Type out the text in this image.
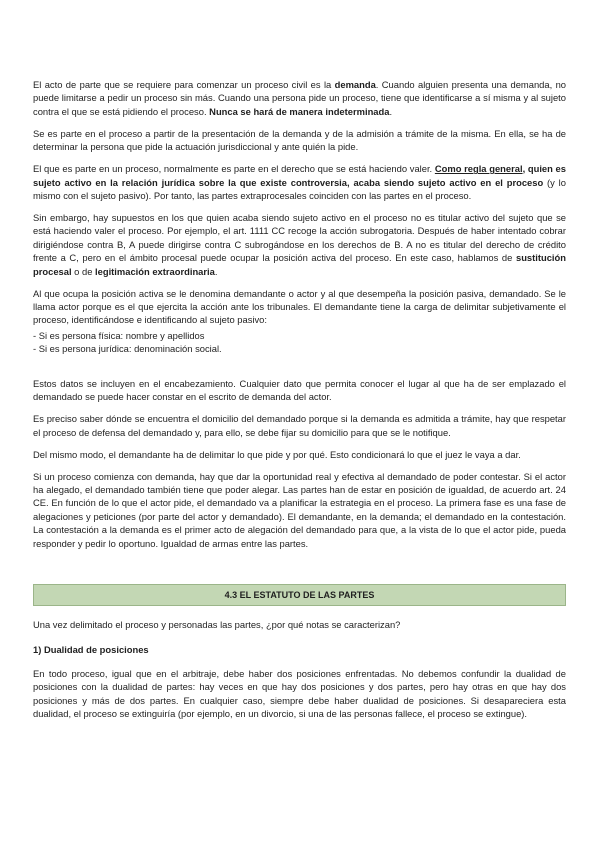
El acto de parte que se requiere para comenzar un proceso civil es la demanda. Cuando alguien presenta una demanda, no puede limitarse a pedir un proceso sin más. Cuando una persona pide un proceso, tiene que identificarse a sí misma y al sujeto contra el que se está pidiendo el proceso. Nunca se hará de manera indeterminada.

Se es parte en el proceso a partir de la presentación de la demanda y de la admisión a trámite de la misma. En ella, se ha de determinar la persona que pide la actuación jurisdiccional y ante quién la pide.

El que es parte en un proceso, normalmente es parte en el derecho que se está haciendo valer. Como regla general, quien es sujeto activo en la relación jurídica sobre la que existe controversia, acaba siendo sujeto activo en el proceso (y lo mismo con el sujeto pasivo). Por tanto, las partes extraprocesales coinciden con las partes en el proceso.

Sin embargo, hay supuestos en los que quien acaba siendo sujeto activo en el proceso no es titular activo del sujeto que se está haciendo valer el proceso. Por ejemplo, el art. 1111 CC recoge la acción subrogatoria. Después de haber intentado cobrar dirigiéndose contra B, A puede dirigirse contra C subrogándose en los derechos de B. A no es titular del derecho de crédito frente a C, pero en el ámbito procesal puede ocupar la posición activa del proceso. En este caso, hablamos de sustitución procesal o de legitimación extraordinaria.

Al que ocupa la posición activa se le denomina demandante o actor y al que desempeña la posición pasiva, demandado. Se le llama actor porque es el que ejercita la acción ante los tribunales. El demandante tiene la carga de delimitar subjetivamente el proceso, identificándose e identificando al sujeto pasivo:

- Si es persona física: nombre y apellidos
- Si es persona jurídica: denominación social.

Estos datos se incluyen en el encabezamiento. Cualquier dato que permita conocer el lugar al que ha de ser emplazado el demandado se puede hacer constar en el escrito de demanda del actor.

Es preciso saber dónde se encuentra el domicilio del demandado porque si la demanda es admitida a trámite, hay que respetar el proceso de defensa del demandado y, para ello, se debe fijar su domicilio para que se le notifique.

Del mismo modo, el demandante ha de delimitar lo que pide y por qué. Esto condicionará lo que el juez le vaya a dar.

Si un proceso comienza con demanda, hay que dar la oportunidad real y efectiva al demandado de poder contestar. Si el actor ha alegado, el demandado también tiene que poder alegar. Las partes han de estar en posición de igualdad, de acuerdo art. 24 CE. En función de lo que el actor pide, el demandado va a planificar la estrategia en el proceso. La primera fase es una fase de alegaciones y peticiones (por parte del actor y demandado). El demandante, en la demanda; el demandado en la contestación. La contestación a la demanda es el primer acto de alegación del demandado para que, a la vista de lo que el actor pide, pueda responder y pedir lo oportuno. Igualdad de armas entre las partes.

4.3 EL ESTATUTO DE LAS PARTES

Una vez delimitado el proceso y personadas las partes, ¿por qué notas se caracterizan?

1) Dualidad de posiciones

En todo proceso, igual que en el arbitraje, debe haber dos posiciones enfrentadas. No debemos confundir la dualidad de posiciones con la dualidad de partes: hay veces en que hay dos posiciones y dos partes, pero hay otras en que hay dos posiciones y más de dos partes. En cualquier caso, siempre debe haber dualidad de posiciones. Si desapareciera esta dualidad, el proceso se extinguiría (por ejemplo, en un divorcio, si una de las personas fallece, el proceso se extingue).
